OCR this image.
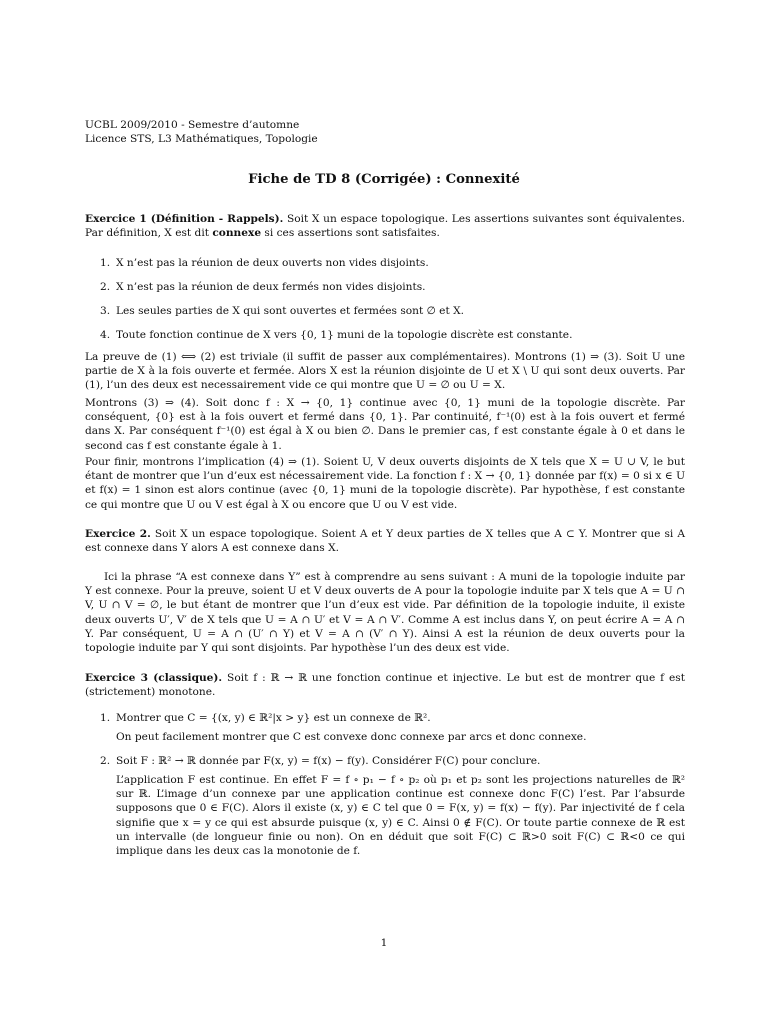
UCBL 2009/2010 - Semestre d’automne
Licence STS, L3 Mathématiques, Topologie
Fiche de TD 8 (Corrigée) : Connexité

Exercice 1 (Définition - Rappels). Soit X un espace topologique. Les assertions suivantes sont équivalentes. Par définition, X est dit connexe si ces assertions sont satisfaites.

1. X n’est pas la réunion de deux ouverts non vides disjoints.
2. X n’est pas la réunion de deux fermés non vides disjoints.
3. Les seules parties de X qui sont ouvertes et fermées sont ∅ et X.
4. Toute fonction continue de X vers {0, 1} muni de la topologie discrète est constante.

La preuve de (1) ⟺ (2) est triviale (il suffit de passer aux complémentaires). Montrons (1) ⇒ (3). Soit U une partie de X à la fois ouverte et fermée. Alors X est la réunion disjointe de U et X \ U qui sont deux ouverts. Par (1), l’un des deux est necessairement vide ce qui montre que U = ∅ ou U = X.

Montrons (3) ⇒ (4). Soit donc f : X → {0, 1} continue avec {0, 1} muni de la topologie discrète. Par conséquent, {0} est à la fois ouvert et fermé dans {0, 1}. Par continuité, f⁻¹(0) est à la fois ouvert et fermé dans X. Par conséquent f⁻¹(0) est égal à X ou bien ∅. Dans le premier cas, f est constante égale à 0 et dans le second cas f est constante égale à 1.

Pour finir, montrons l’implication (4) ⇒ (1). Soient U, V deux ouverts disjoints de X tels que X = U ∪ V, le but étant de montrer que l’un d’eux est nécessairement vide. La fonction f : X → {0, 1} donnée par f(x) = 0 si x ∈ U et f(x) = 1 sinon est alors continue (avec {0, 1} muni de la topologie discrète). Par hypothèse, f est constante ce qui montre que U ou V est égal à X ou encore que U ou V est vide.

Exercice 2. Soit X un espace topologique. Soient A et Y deux parties de X telles que A ⊂ Y. Montrer que si A est connexe dans Y alors A est connexe dans X.

Ici la phrase “A est connexe dans Y” est à comprendre au sens suivant : A muni de la topologie induite par Y est connexe. Pour la preuve, soient U et V deux ouverts de A pour la topologie induite par X tels que A = U ∩ V, U ∩ V = ∅, le but étant de montrer que l’un d’eux est vide. Par définition de la topologie induite, il existe deux ouverts U′, V′ de X tels que U = A ∩ U′ et V = A ∩ V′. Comme A est inclus dans Y, on peut écrire A = A ∩ Y. Par conséquent, U = A ∩ (U′ ∩ Y) et V = A ∩ (V′ ∩ Y). Ainsi A est la réunion de deux ouverts pour la topologie induite par Y qui sont disjoints. Par hypothèse l’un des deux est vide.

Exercice 3 (classique). Soit f : ℝ → ℝ une fonction continue et injective. Le but est de montrer que f est (strictement) monotone.

1. Montrer que C = {(x, y) ∈ ℝ²|x > y} est un connexe de ℝ².

On peut facilement montrer que C est convexe donc connexe par arcs et donc connexe.

2. Soit F : ℝ² → ℝ donnée par F(x, y) = f(x) − f(y). Considérer F(C) pour conclure.

L’application F est continue. En effet F = f ∘ p₁ − f ∘ p₂ où p₁ et p₂ sont les projections naturelles de ℝ² sur ℝ. L’image d’un connexe par une application continue est connexe donc F(C) l’est. Par l’absurde supposons que 0 ∈ F(C). Alors il existe (x, y) ∈ C tel que 0 = F(x, y) = f(x) − f(y). Par injectivité de f cela signifie que x = y ce qui est absurde puisque (x, y) ∈ C. Ainsi 0 ∉ F(C). Or toute partie connexe de ℝ est un intervalle (de longueur finie ou non). On en déduit que soit F(C) ⊂ ℝ>0 soit F(C) ⊂ ℝ<0 ce qui implique dans les deux cas la monotonie de f.

1
